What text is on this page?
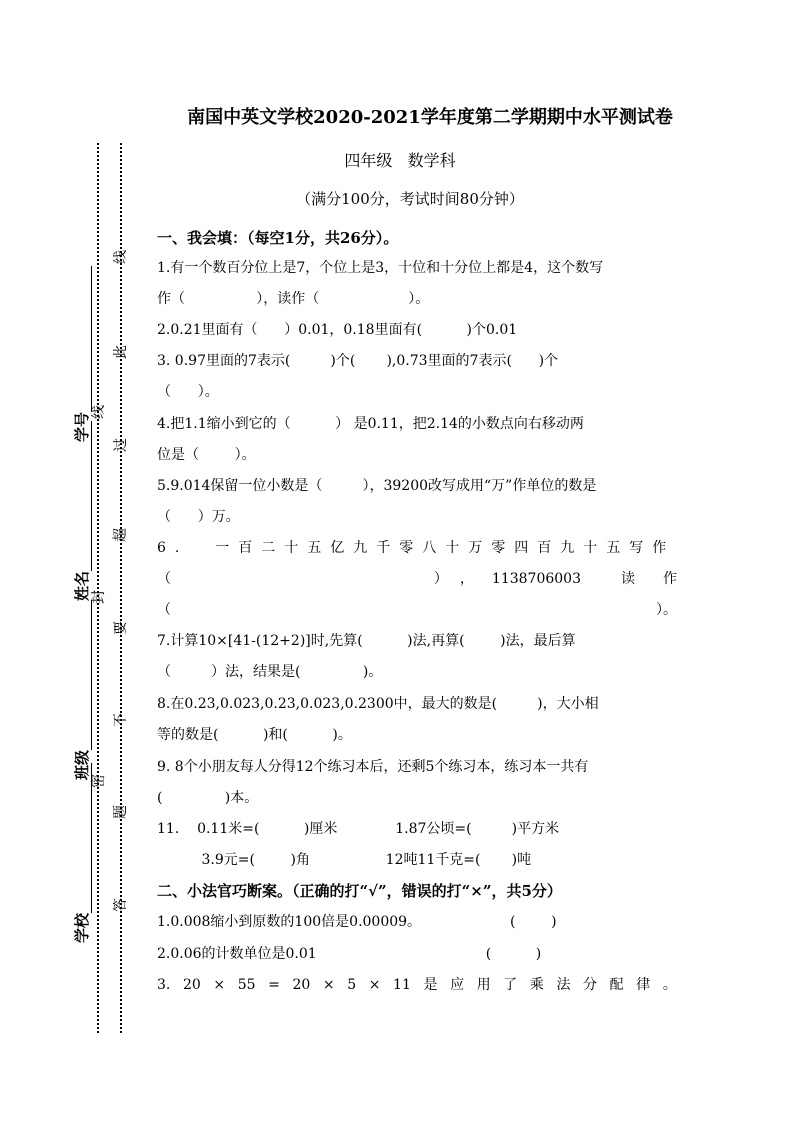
线
此
线
过
超
封
要
不
密
题
答
学号
姓名
班级
学校
南国中英文学校2020-2021学年度第二学期期中水平测试卷
四年级   数学科
（满分100分，考试时间80分钟）
一、我会填：（每空1分，共26分）。
1.有一个数百分位上是7，个位上是3，十位和十分位上都是4，这个数写
作（                ），读作（                    ）。
2.0.21里面有（      ）0.01，0.18里面有(          )个0.01
3. 0.97里面的7表示(         )个(       ),0.73里面的7表示(      )个
（      ）。
4.把1.1缩小到它的（          ） 是0.11，把2.14的小数点向右移动两
位是（        ）。
5.9.014保留一位小数是（         ），39200改写成用“万”作单位的数是
（      ）万。
6.  一百二十五亿九千零八十万零四百九十五写作
（	） ， 1138706003	读 作
（	）。
7.计算10×[41-(12+2)]时,先算(          )法,再算(        )法，最后算
（         ）法，结果是(              )。
8.在0.23,0.023,0.23,0.023,0.2300中，最大的数是(         )，大小相
等的数是(          )和(          )。
9. 8个小朋友每人分得12个练习本后，还剩5个练习本，练习本一共有
(              )本。
11.    0.11米=(          )厘米             1.87公顷=(         )平方米
3.9元=(        )角                 12吨11千克=(       )吨
二、小法官巧断案。（正确的打“√”，错误的打“×”，共5分）
1.0.008缩小到原数的100倍是0.00009。                    (        )
2.0.06的计数单位是0.01                                      (          )
3. 20 × 55 = 20 × 5 × 11 是 应 用 了 乘 法 分 配 律 。
